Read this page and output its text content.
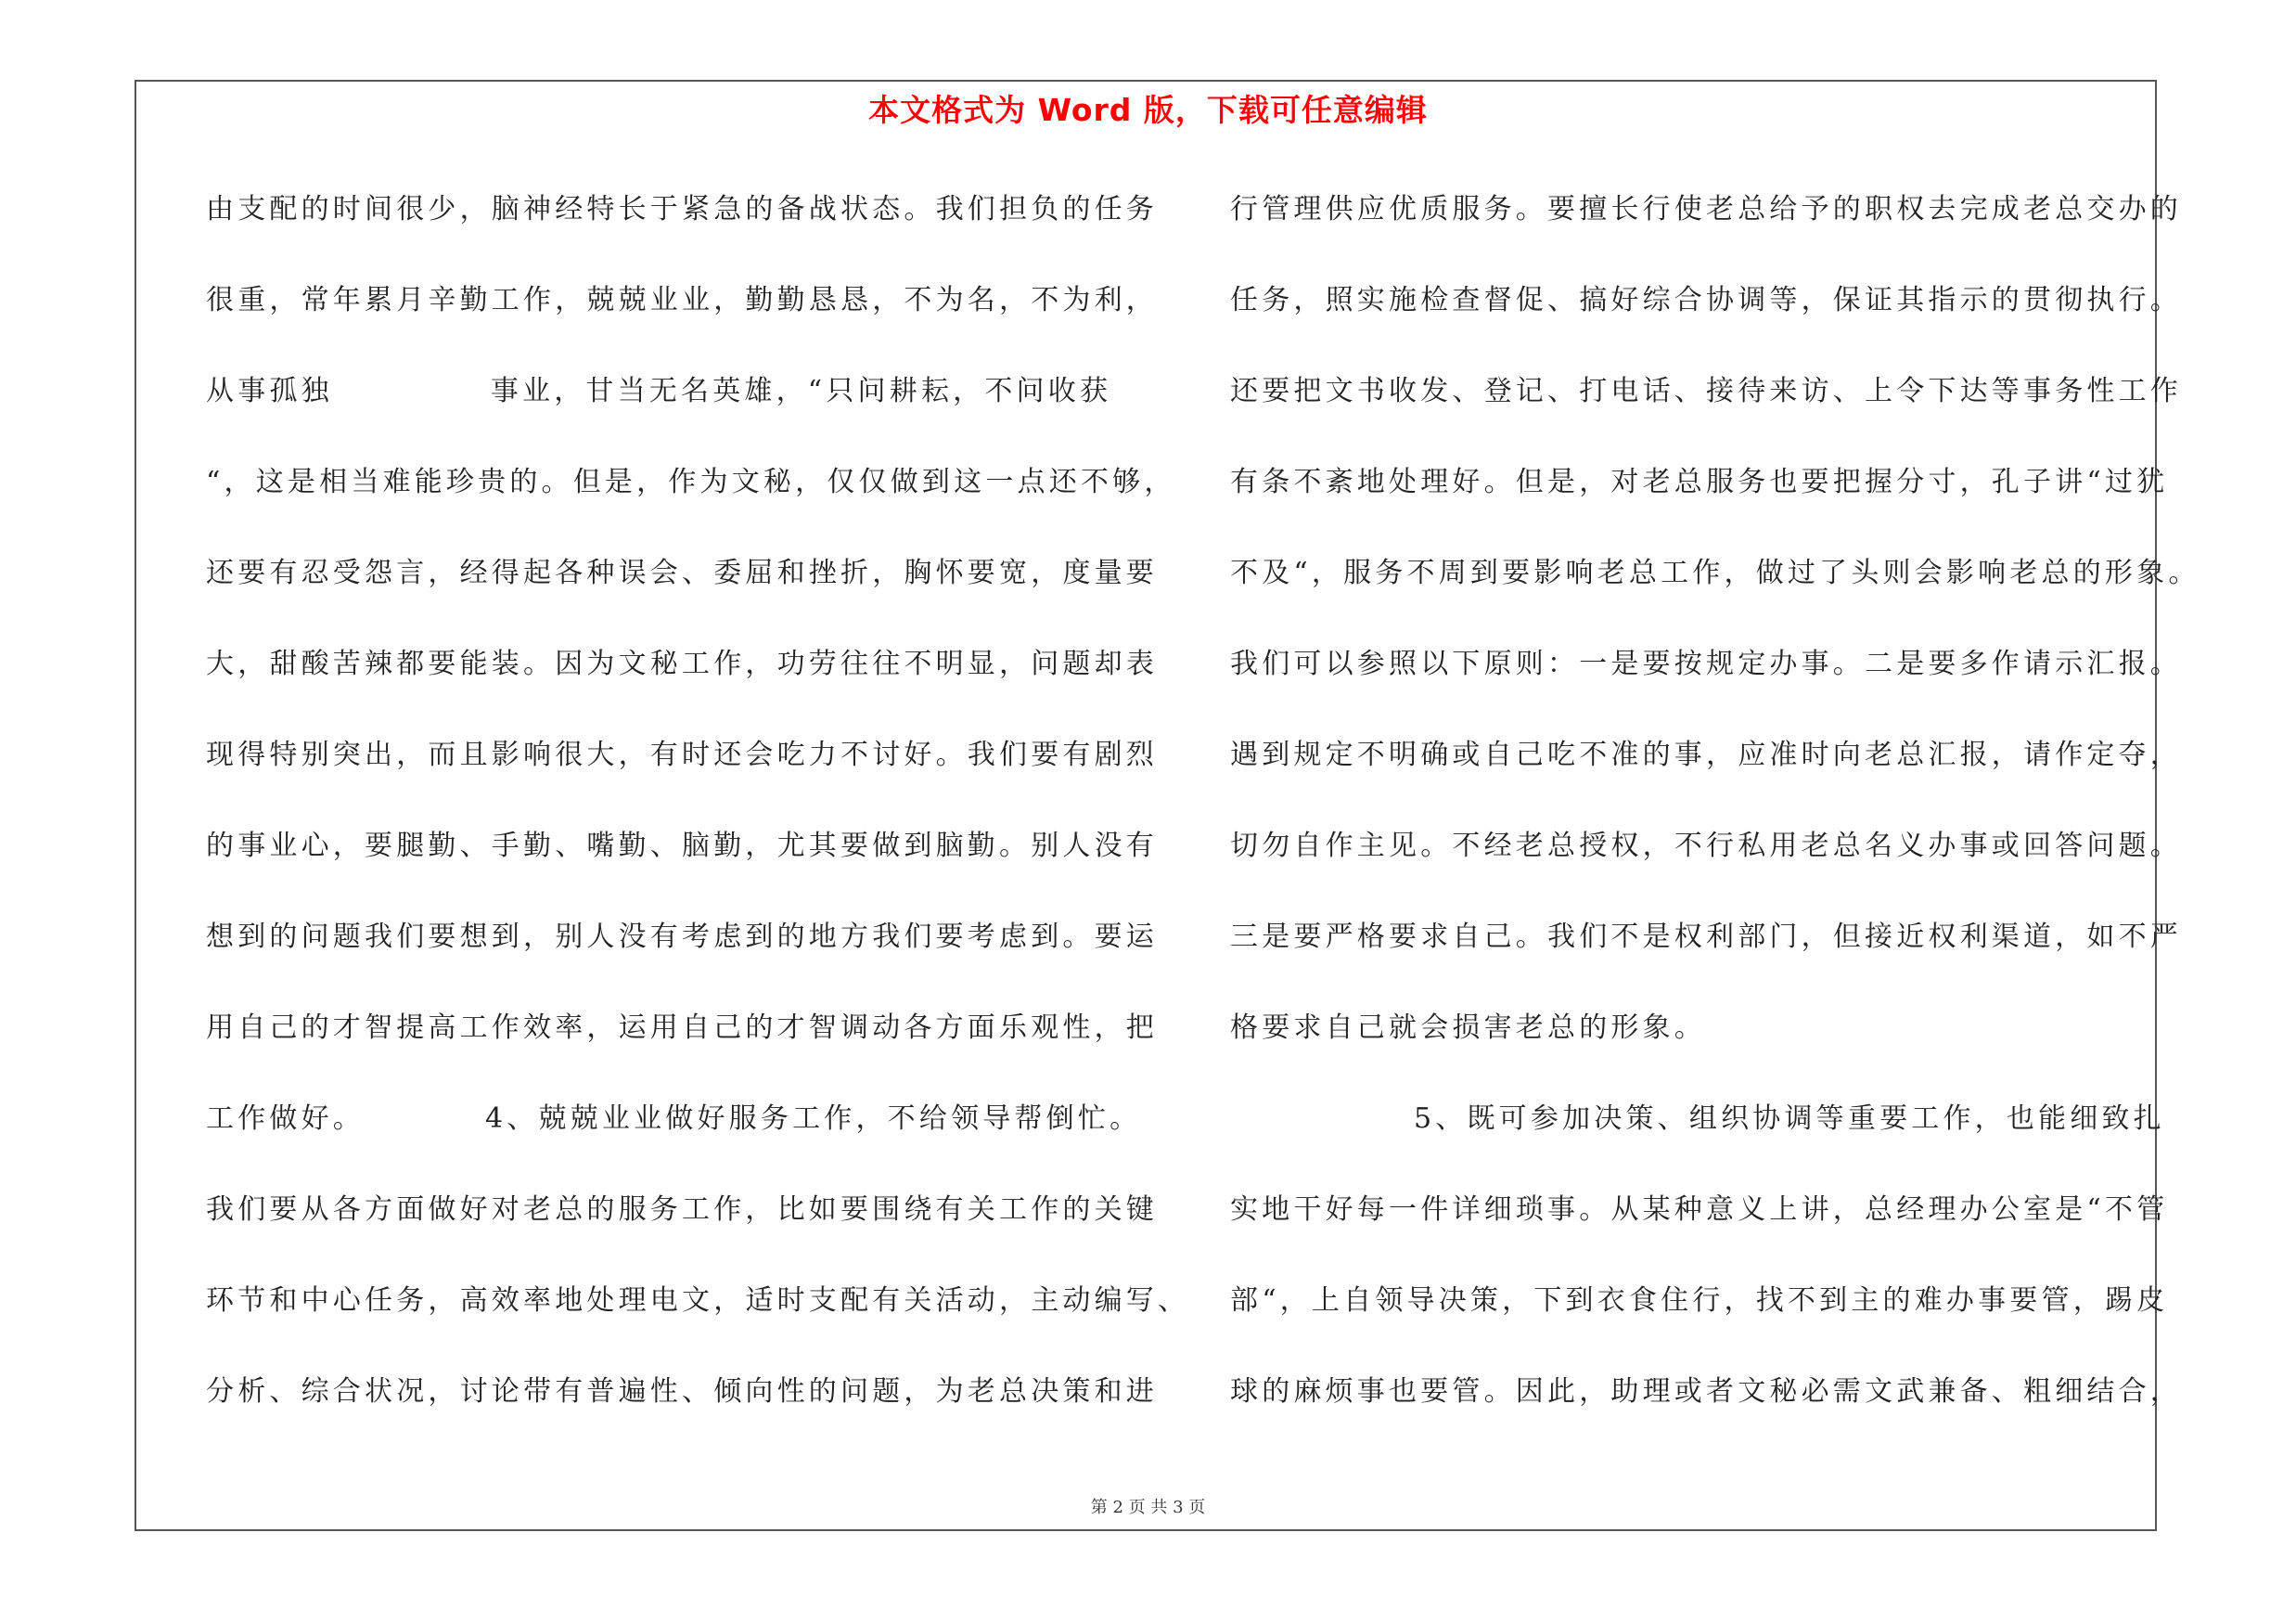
本文格式为 Word 版，下载可任意编辑
由支配的时间很少，脑神经特长于紧急的备战状态。我们担负的任务
很重，常年累月辛勤工作，兢兢业业，勤勤恳恳，不为名，不为利，
从事孤独	事业，甘当无名英雄，“只问耕耘，不问收获
“，这是相当难能珍贵的。但是，作为文秘，仅仅做到这一点还不够，
还要有忍受怨言，经得起各种误会、委屈和挫折，胸怀要宽，度量要
大，甜酸苦辣都要能装。因为文秘工作，功劳往往不明显，问题却表
现得特别突出，而且影响很大，有时还会吃力不讨好。我们要有剧烈
的事业心，要腿勤、手勤、嘴勤、脑勤，尤其要做到脑勤。别人没有
想到的问题我们要想到，别人没有考虑到的地方我们要考虑到。要运
用自己的才智提高工作效率，运用自己的才智调动各方面乐观性，把
工作做好。	4、兢兢业业做好服务工作，不给领导帮倒忙。
我们要从各方面做好对老总的服务工作，比如要围绕有关工作的关键
环节和中心任务，高效率地处理电文，适时支配有关活动，主动编写、
分析、综合状况，讨论带有普遍性、倾向性的问题，为老总决策和进
行管理供应优质服务。要擅长行使老总给予的职权去完成老总交办的
任务，照实施检查督促、搞好综合协调等，保证其指示的贯彻执行。
还要把文书收发、登记、打电话、接待来访、上令下达等事务性工作
有条不紊地处理好。但是，对老总服务也要把握分寸，孔子讲“过犹
不及“，服务不周到要影响老总工作，做过了头则会影响老总的形象。
我们可以参照以下原则：一是要按规定办事。二是要多作请示汇报。
遇到规定不明确或自己吃不准的事，应准时向老总汇报，请作定夺，
切勿自作主见。不经老总授权，不行私用老总名义办事或回答问题。
三是要严格要求自己。我们不是权利部门，但接近权利渠道，如不严
格要求自己就会损害老总的形象。
5、既可参加决策、组织协调等重要工作，也能细致扎
实地干好每一件详细琐事。从某种意义上讲，总经理办公室是“不管
部“，上自领导决策，下到衣食住行，找不到主的难办事要管，踢皮
球的麻烦事也要管。因此，助理或者文秘必需文武兼备、粗细结合，
第 2 页 共 3 页
